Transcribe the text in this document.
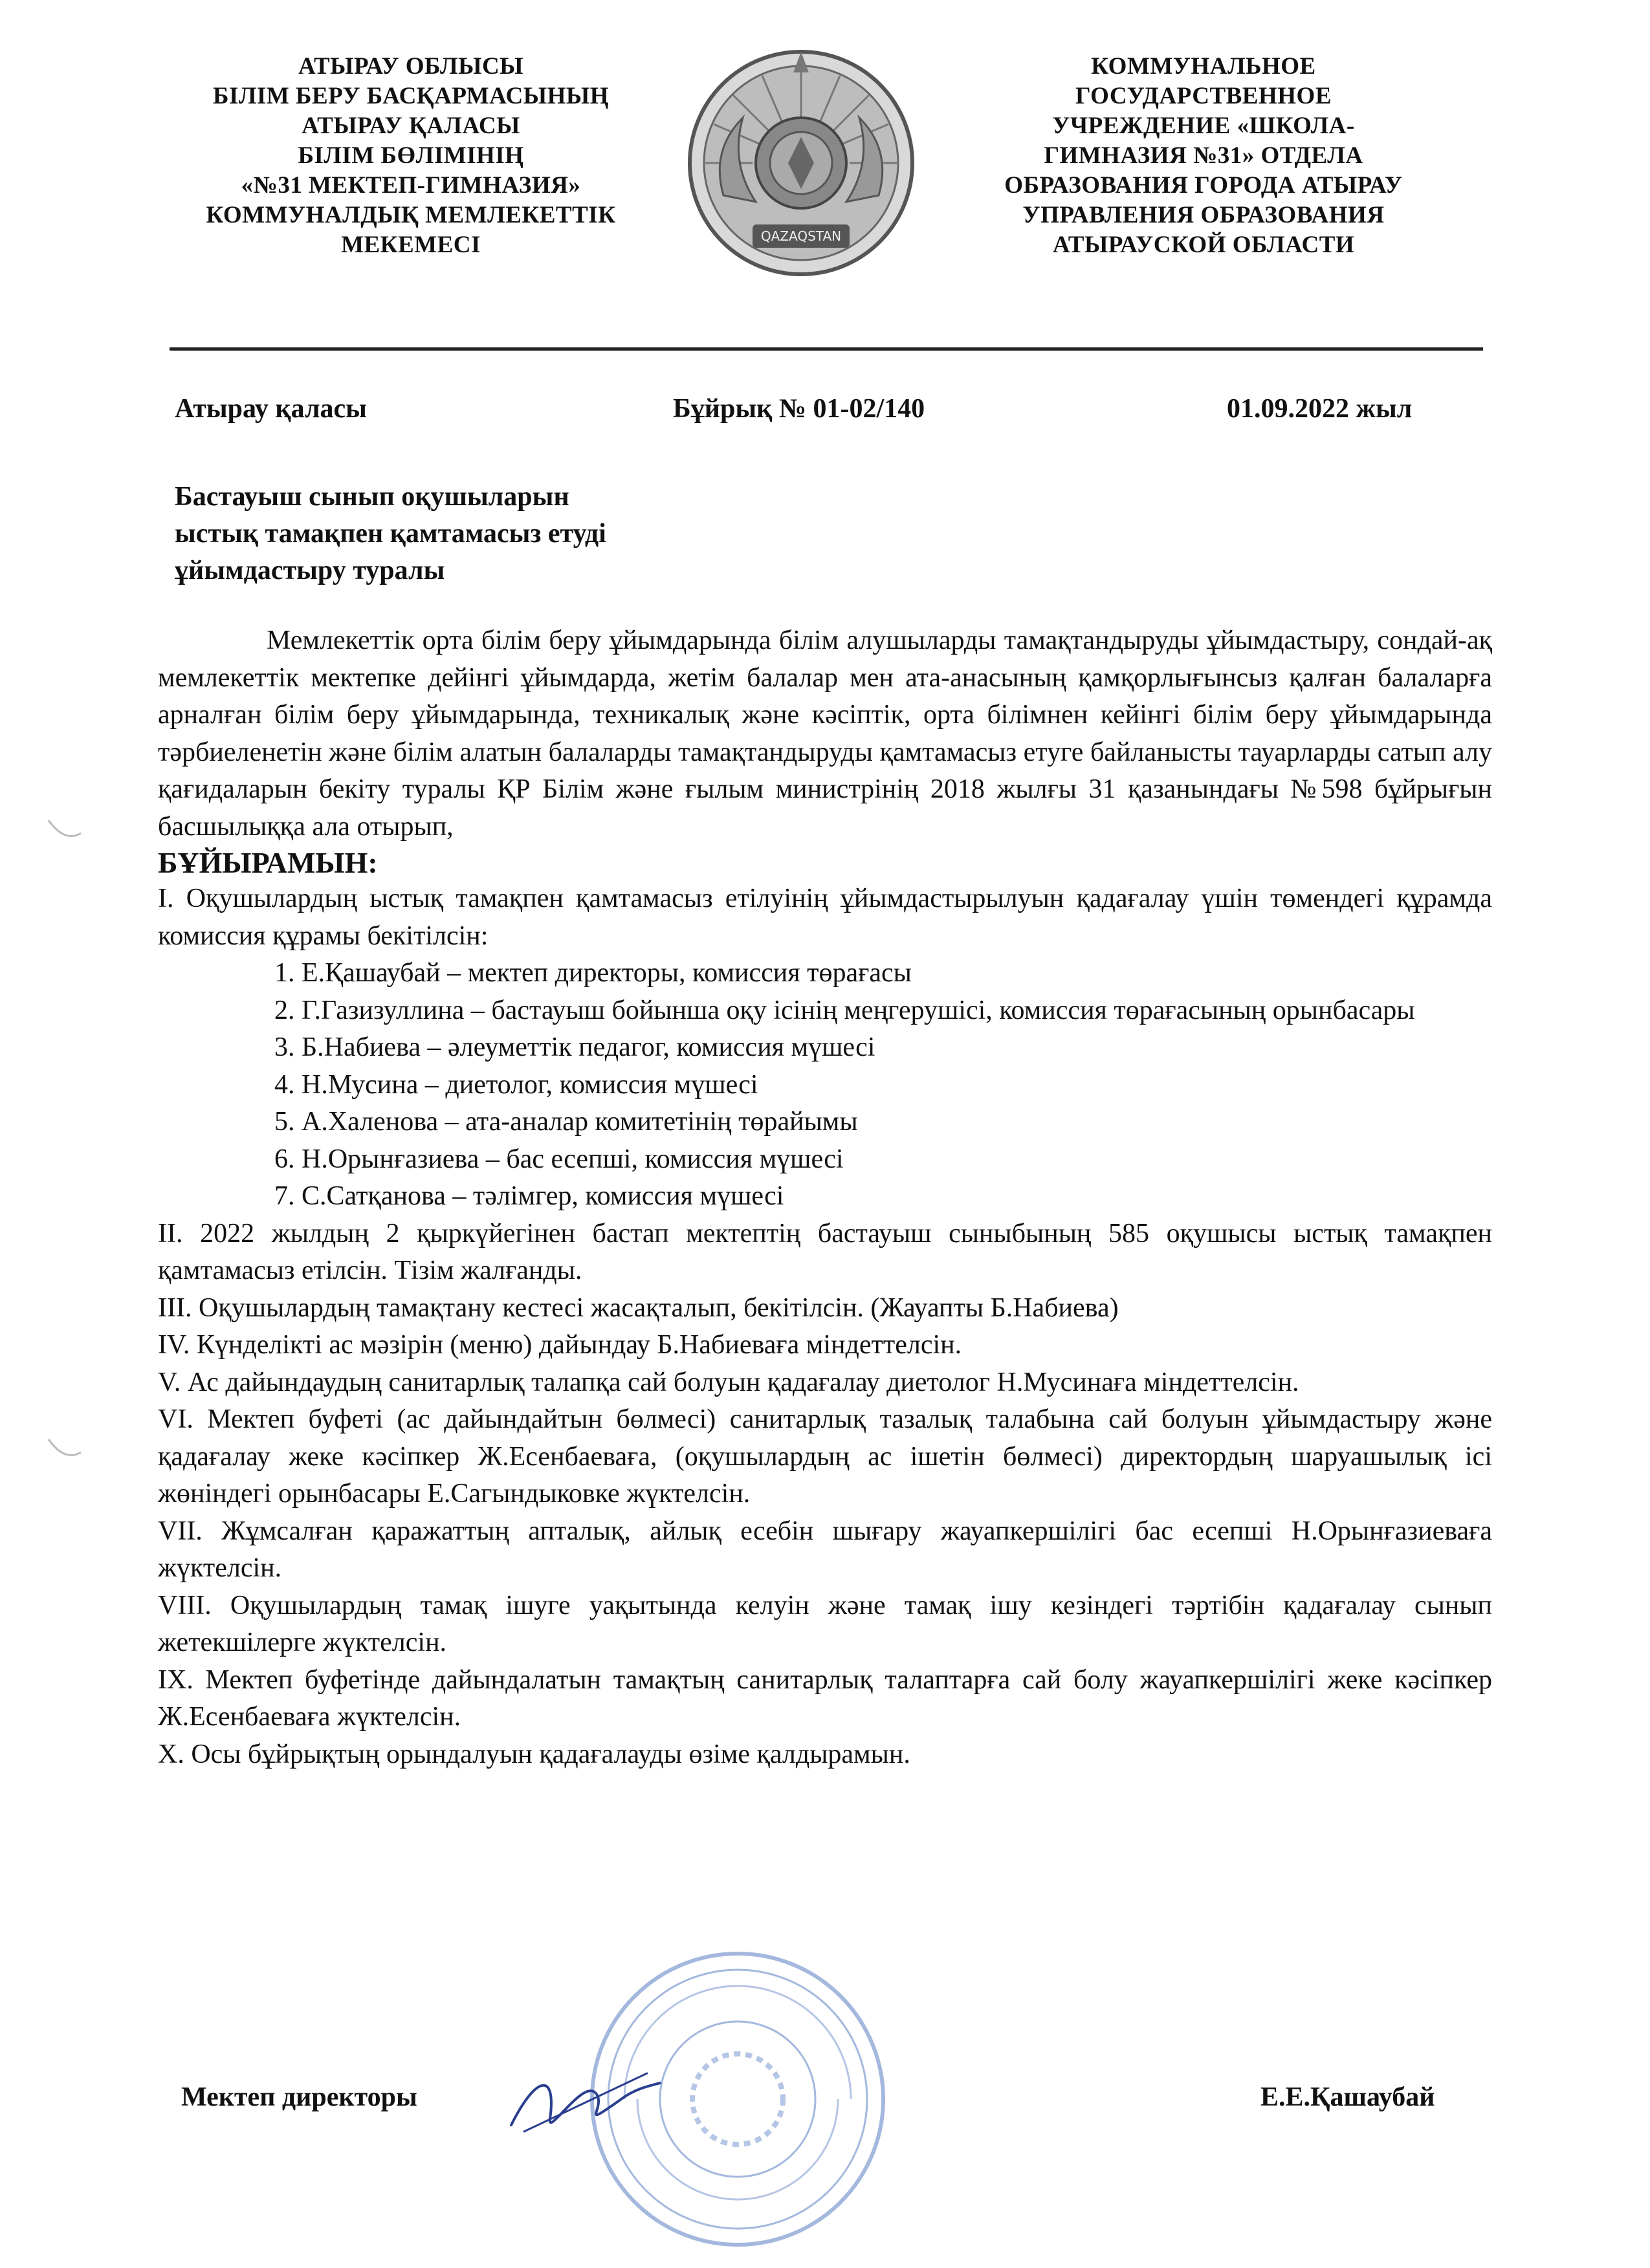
АТЫРАУ ОБЛЫСЫ
БІЛІМ БЕРУ БАСҚАРМАСЫНЫҢ
АТЫРАУ ҚАЛАСЫ
БІЛІМ БӨЛІМІНІҢ
«№31 МЕКТЕП-ГИМНАЗИЯ»
КОММУНАЛДЫҚ МЕМЛЕКЕТТІК
МЕКЕМЕСІ	QAZAQSTAN
КОММУНАЛЬНОЕ
ГОСУДАРСТВЕННОЕ
УЧРЕЖДЕНИЕ «ШКОЛА-
ГИМНАЗИЯ №31» ОТДЕЛА
ОБРАЗОВАНИЯ ГОРОДА АТЫРАУ
УПРАВЛЕНИЯ ОБРАЗОВАНИЯ
АТЫРАУСКОЙ ОБЛАСТИ
Атырау қаласы	Бұйрық № 01-02/140	01.09.2022 жыл
Бастауыш сынып оқушыларын
ыстық тамақпен қамтамасыз етуді
ұйымдастыру туралы

Мемлекеттік орта білім беру ұйымдарында білім алушыларды тамақтандыруды ұйымдастыру, сондай-ақ мемлекеттік мектепке дейінгі ұйымдарда, жетім балалар мен ата-анасының қамқорлығынсыз қалған балаларға арналған білім беру ұйымдарында, техникалық және кәсіптік, орта білімнен кейінгі білім беру ұйымдарында тәрбиеленетін және білім алатын балаларды тамақтандыруды қамтамасыз етуге байланысты тауарларды сатып алу қағидаларын бекіту туралы ҚР Білім және ғылым министрінің 2018 жылғы 31 қазанындағы №598 бұйрығын басшылыққа ала отырып,

БҰЙЫРАМЫН:

I. Оқушылардың ыстық тамақпен қамтамасыз етілуінің ұйымдастырылуын қадағалау үшін төмендегі құрамда комиссия құрамы бекітілсін:

1. Е.Қашаубай – мектеп директоры, комиссия төрағасы

2. Г.Газизуллина – бастауыш бойынша оқу ісінің меңгерушісі, комиссия төрағасының орынбасары

3. Б.Набиева – әлеуметтік педагог, комиссия мүшесі

4. Н.Мусина – диетолог, комиссия мүшесі

5. А.Халенова – ата-аналар комитетінің төрайымы

6. Н.Орынғазиева – бас есепші, комиссия мүшесі

7. С.Сатқанова – тәлімгер, комиссия мүшесі

II. 2022 жылдың 2 қыркүйегінен бастап мектептің бастауыш сыныбының 585 оқушысы ыстық тамақпен қамтамасыз етілсін. Тізім жалғанды.

III. Оқушылардың тамақтану кестесі жасақталып, бекітілсін. (Жауапты Б.Набиева)

IV. Күнделікті ас мәзірін (меню) дайындау Б.Набиеваға міндеттелсін.

V. Ас дайындаудың санитарлық талапқа сай болуын қадағалау диетолог Н.Мусинаға міндеттелсін.

VI. Мектеп буфеті (ас дайындайтын бөлмесі) санитарлық тазалық талабына сай болуын ұйымдастыру және қадағалау жеке кәсіпкер Ж.Есенбаеваға, (оқушылардың ас ішетін бөлмесі) директордың шаруашылық ісі жөніндегі орынбасары Е.Сагындыковке жүктелсін.

VII. Жұмсалған қаражаттың апталық, айлық есебін шығару жауапкершілігі бас есепші Н.Орынғазиеваға жүктелсін.

VIII. Оқушылардың тамақ ішуге уақытында келуін және тамақ ішу кезіндегі тәртібін қадағалау сынып жетекшілерге жүктелсін.

IX. Мектеп буфетінде дайындалатын тамақтың санитарлық талаптарға сай болу жауапкершілігі жеке кәсіпкер Ж.Есенбаеваға жүктелсін.

X. Осы бұйрықтың орындалуын қадағалауды өзіме қалдырамын.

Мектеп директоры	Е.Е.Қашаубай
